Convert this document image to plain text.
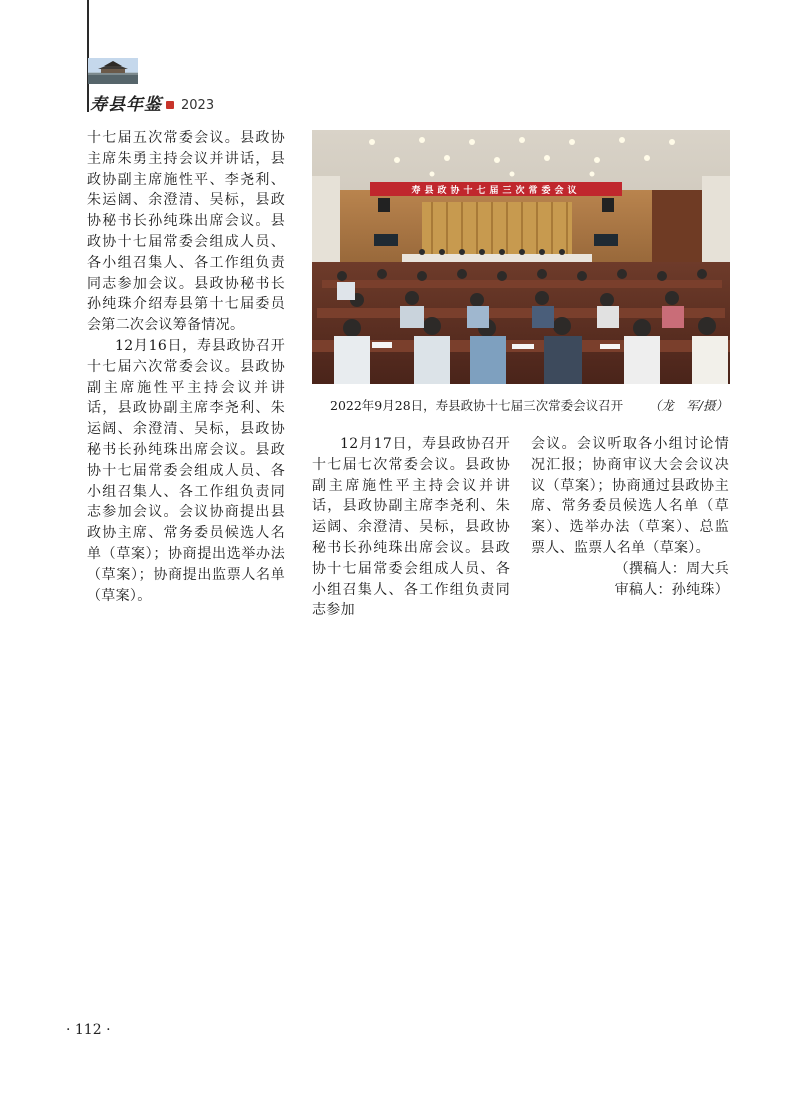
寿县年鉴 2023

十七届五次常委会议。县政协主席朱勇主持会议并讲话，县政协副主席施性平、李尧利、朱运阔、余澄清、吴标，县政协秘书长孙纯珠出席会议。县政协十七届常委会组成人员、各小组召集人、各工作组负责同志参加会议。县政协秘书长孙纯珠介绍寿县第十七届委员会第二次会议筹备情况。

12月16日，寿县政协召开十七届六次常委会议。县政协副主席施性平主持会议并讲话，县政协副主席李尧利、朱运阔、余澄清、吴标，县政协秘书长孙纯珠出席会议。县政协十七届常委会组成人员、各小组召集人、各工作组负责同志参加会议。会议协商提出县政协主席、常务委员候选人名单（草案）；协商提出选举办法（草案）；协商提出监票人名单（草案）。

寿县政协十七届三次常委会议
2022年9月28日，寿县政协十七届三次常委会议召开 （龙　军/摄）

12月17日，寿县政协召开十七届七次常委会议。县政协副主席施性平主持会议并讲话，县政协副主席李尧利、朱运阔、余澄清、吴标，县政协秘书长孙纯珠出席会议。县政协十七届常委会组成人员、各小组召集人、各工作组负责同志参加

会议。会议听取各小组讨论情况汇报；协商审议大会会议决议（草案）；协商通过县政协主席、常务委员候选人名单（草案）、选举办法（草案）、总监票人、监票人名单（草案）。

（撰稿人：周大兵

审稿人：孙纯珠）

· 112 ·
